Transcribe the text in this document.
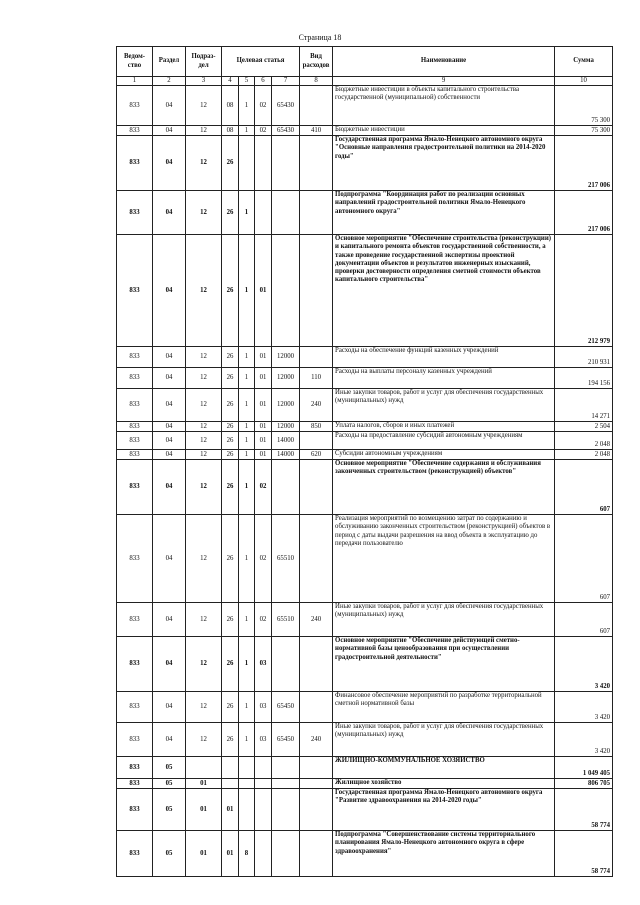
Страница 18
Ведом-ство	Раздел	Подраз-дел	Целевая статья				Вид расходов	Наименование	Сумма
1	2	3	4	5	6	7	8	9	10
833	04	12	08	1	02	65430		Бюджетные инвестиции в объекты капитального строительства государственной (муниципальной) собственности	75 300
833	04	12	08	1	02	65430	410	Бюджетные инвестиции	75 300
833	04	12	26					Государственная программа Ямало-Ненецкого автономного округа "Основные направления градостроительной политики на 2014-2020 годы"	217 006
833	04	12	26	1				Подпрограмма "Координация работ по реализации основных направлений градостроительной политики Ямало-Ненецкого автономного округа"	217 006
833	04	12	26	1	01			Основное мероприятие "Обеспечение строительства (реконструкции) и капитального ремонта объектов государственной собственности, а также проведение государственной экспертизы проектной документации объектов и результатов инженерных изысканий, проверки достоверности определения сметной стоимости объектов капитального строительства"	212 979
833	04	12	26	1	01	12000		Расходы на обеспечение функций казенных учреждений	210 931
833	04	12	26	1	01	12000	110	Расходы на выплаты персоналу казенных учреждений	194 156
833	04	12	26	1	01	12000	240	Иные закупки товаров, работ и услуг для обеспечения государственных (муниципальных) нужд	14 271
833	04	12	26	1	01	12000	850	Уплата налогов, сборов и иных платежей	2 504
833	04	12	26	1	01	14000		Расходы на предоставление субсидий автономным учреждениям	2 048
833	04	12	26	1	01	14000	620	Субсидии автономным учреждениям	2 048
833	04	12	26	1	02			Основное мероприятие "Обеспечение содержания и обслуживания законченных строительством (реконструкцией) объектов"	607
833	04	12	26	1	02	65510		Реализация мероприятий по возмещению затрат по содержанию и обслуживанию законченных строительством (реконструкцией) объектов в период с даты выдачи разрешения на ввод объекта в эксплуатацию до передачи пользователю	607
833	04	12	26	1	02	65510	240	Иные закупки товаров, работ и услуг для обеспечения государственных (муниципальных) нужд	607
833	04	12	26	1	03			Основное мероприятие "Обеспечение действующей сметно-нормативной базы ценообразования при осуществлении градостроительной деятельности"	3 420
833	04	12	26	1	03	65450		Финансовое обеспечение мероприятий по разработке территориальной сметной нормативной базы	3 420
833	04	12	26	1	03	65450	240	Иные закупки товаров, работ и услуг для обеспечения государственных (муниципальных) нужд	3 420
833	05							ЖИЛИЩНО-КОММУНАЛЬНОЕ ХОЗЯЙСТВО	1 049 405
833	05	01						Жилищное хозяйство	806 705
833	05	01	01					Государственная программа Ямало-Ненецкого автономного округа "Развитие здравоохранения на 2014-2020 годы"	58 774
833	05	01	01	8				Подпрограмма "Совершенствование системы территориального планирования Ямало-Ненецкого автономного округа в сфере здравоохранения"	58 774
